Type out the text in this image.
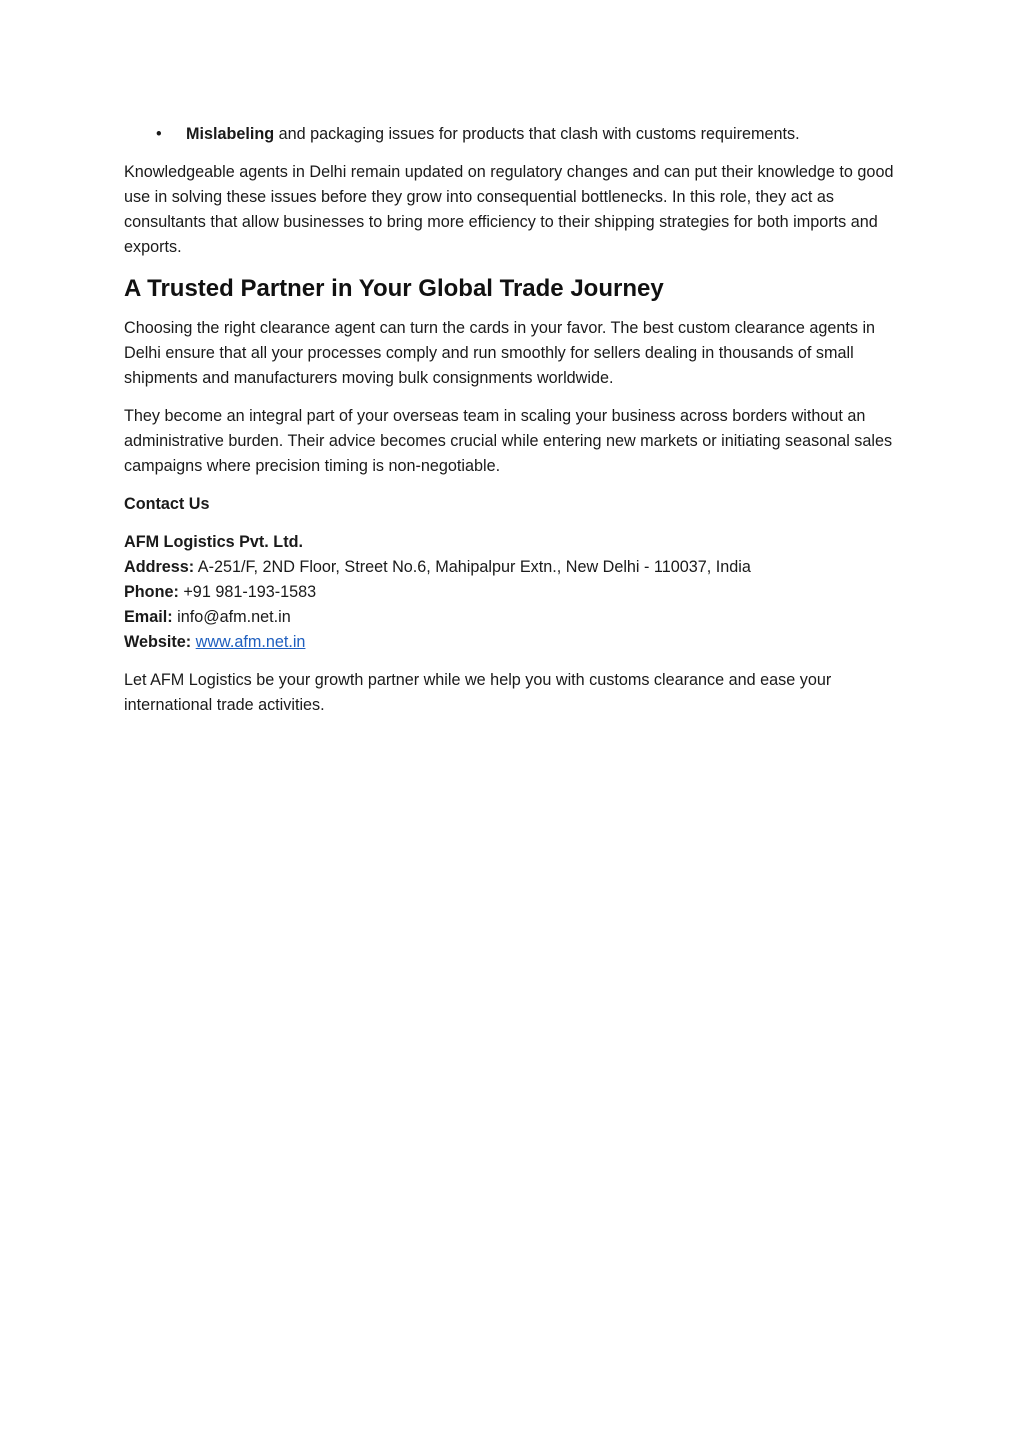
• Mislabeling and packaging issues for products that clash with customs requirements.

Knowledgeable agents in Delhi remain updated on regulatory changes and can put their knowledge to good use in solving these issues before they grow into consequential bottlenecks. In this role, they act as consultants that allow businesses to bring more efficiency to their shipping strategies for both imports and exports.

A Trusted Partner in Your Global Trade Journey

Choosing the right clearance agent can turn the cards in your favor. The best custom clearance agents in Delhi ensure that all your processes comply and run smoothly for sellers dealing in thousands of small shipments and manufacturers moving bulk consignments worldwide.

They become an integral part of your overseas team in scaling your business across borders without an administrative burden. Their advice becomes crucial while entering new markets or initiating seasonal sales campaigns where precision timing is non-negotiable.

Contact Us

AFM Logistics Pvt. Ltd.
Address: A-251/F, 2ND Floor, Street No.6, Mahipalpur Extn., New Delhi - 110037, India
Phone: +91 981-193-1583
Email: info@afm.net.in
Website: www.afm.net.in

Let AFM Logistics be your growth partner while we help you with customs clearance and ease your international trade activities.
